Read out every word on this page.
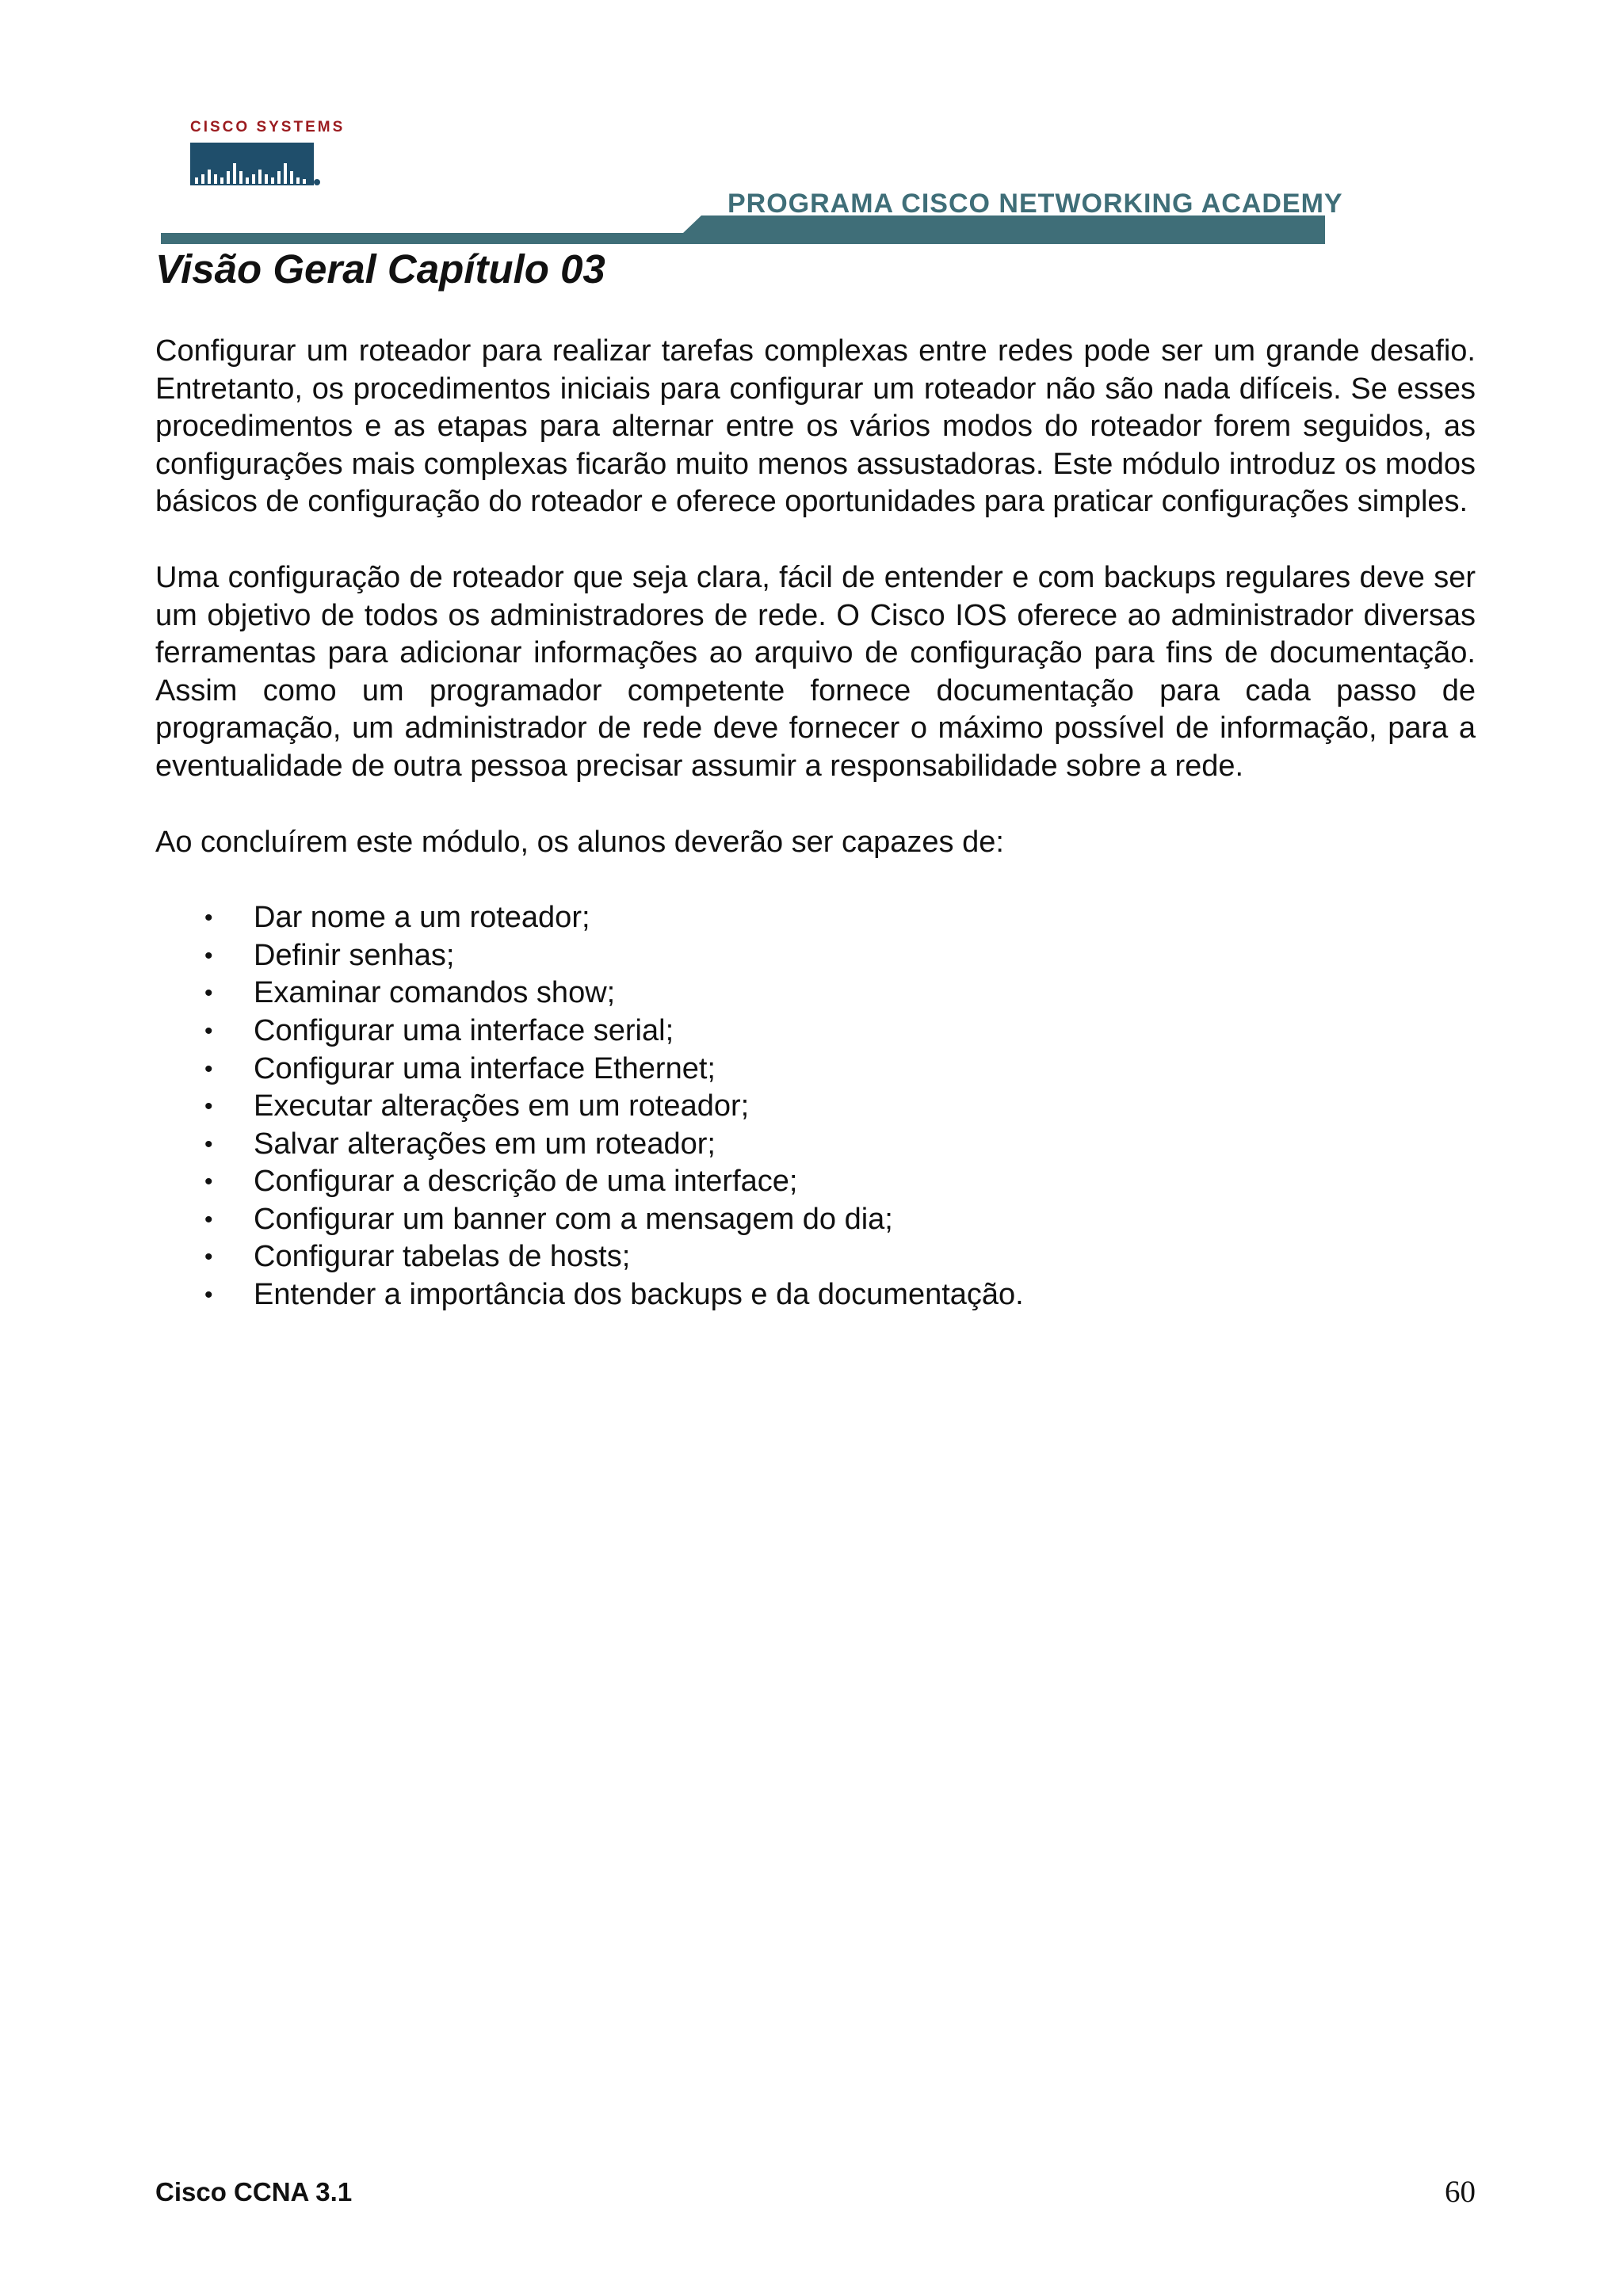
CISCO SYSTEMS
PROGRAMA CISCO NETWORKING ACADEMY
Visão Geral Capítulo 03

Configurar um roteador para realizar tarefas complexas entre redes pode ser um grande desafio. Entretanto, os procedimentos iniciais para configurar um roteador não são nada difíceis. Se esses procedimentos e as etapas para alternar entre os vários modos do roteador forem seguidos, as configurações mais complexas ficarão muito menos assustadoras. Este módulo introduz os modos básicos de configuração do roteador e oferece oportunidades para praticar configurações simples.

Uma configuração de roteador que seja clara, fácil de entender e com backups regulares deve ser um objetivo de todos os administradores de rede. O Cisco IOS oferece ao administrador diversas ferramentas para adicionar informações ao arquivo de configuração para fins de documentação. Assim como um programador competente fornece documentação para cada passo de programação, um administrador de rede deve fornecer o máximo possível de informação, para a eventualidade de outra pessoa precisar assumir a responsabilidade sobre a rede.

Ao concluírem este módulo, os alunos deverão ser capazes de:

• Dar nome a um roteador;
• Definir senhas;
• Examinar comandos show;
• Configurar uma interface serial;
• Configurar uma interface Ethernet;
• Executar alterações em um roteador;
• Salvar alterações em um roteador;
• Configurar a descrição de uma interface;
• Configurar um banner com a mensagem do dia;
• Configurar tabelas de hosts;
• Entender a importância dos backups e da documentação.
Cisco CCNA 3.1	60
